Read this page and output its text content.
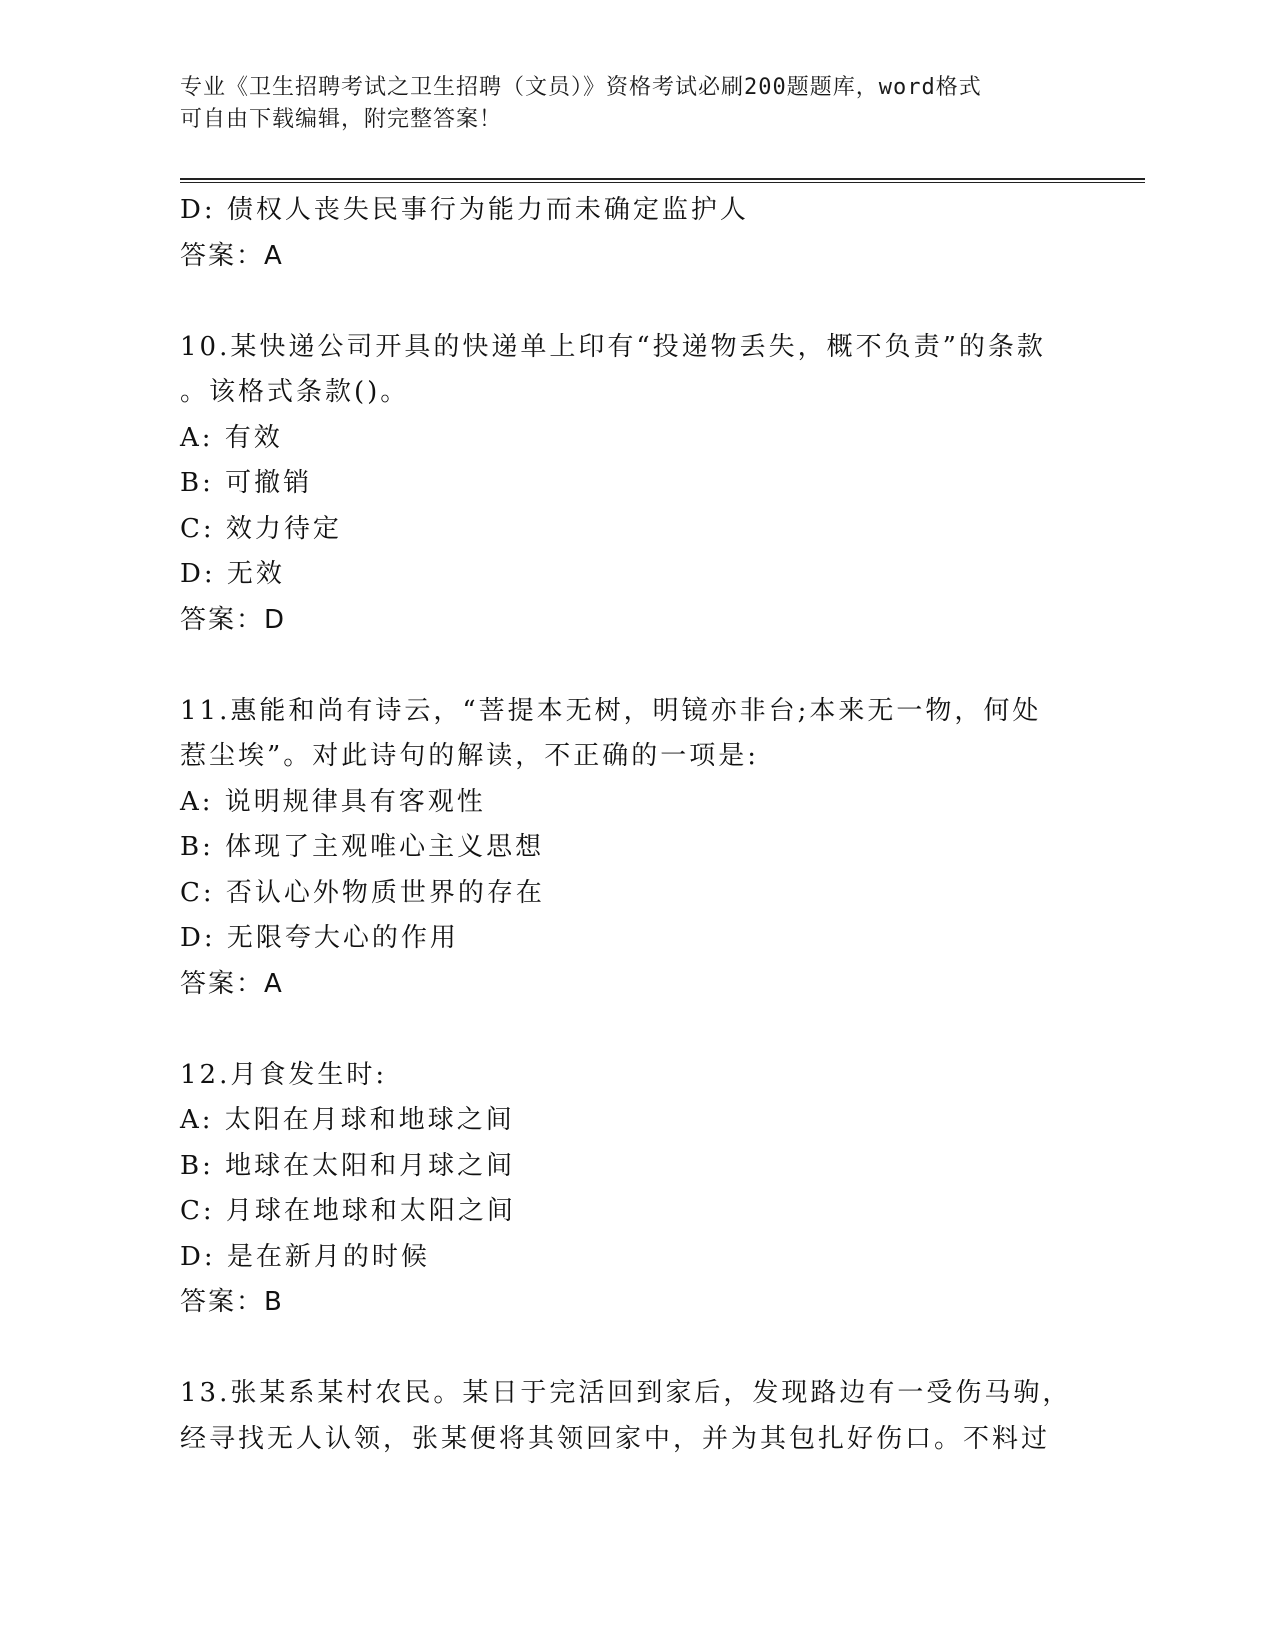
专业《卫生招聘考试之卫生招聘（文员）》资格考试必刷200题题库，word格式
可自由下载编辑，附完整答案！
D: 债权人丧失民事行为能力而未确定监护人
答案：A
10.某快递公司开具的快递单上印有“投递物丢失，概不负责”的条款
。该格式条款()。
A: 有效
B: 可撤销
C: 效力待定
D: 无效
答案：D
11.惠能和尚有诗云，“菩提本无树，明镜亦非台;本来无一物，何处
惹尘埃”。对此诗句的解读，不正确的一项是:
A: 说明规律具有客观性
B: 体现了主观唯心主义思想
C: 否认心外物质世界的存在
D: 无限夸大心的作用
答案：A
12.月食发生时:
A: 太阳在月球和地球之间
B: 地球在太阳和月球之间
C: 月球在地球和太阳之间
D: 是在新月的时候
答案：B
13.张某系某村农民。某日于完活回到家后，发现路边有一受伤马驹，
经寻找无人认领，张某便将其领回家中，并为其包扎好伤口。不料过
